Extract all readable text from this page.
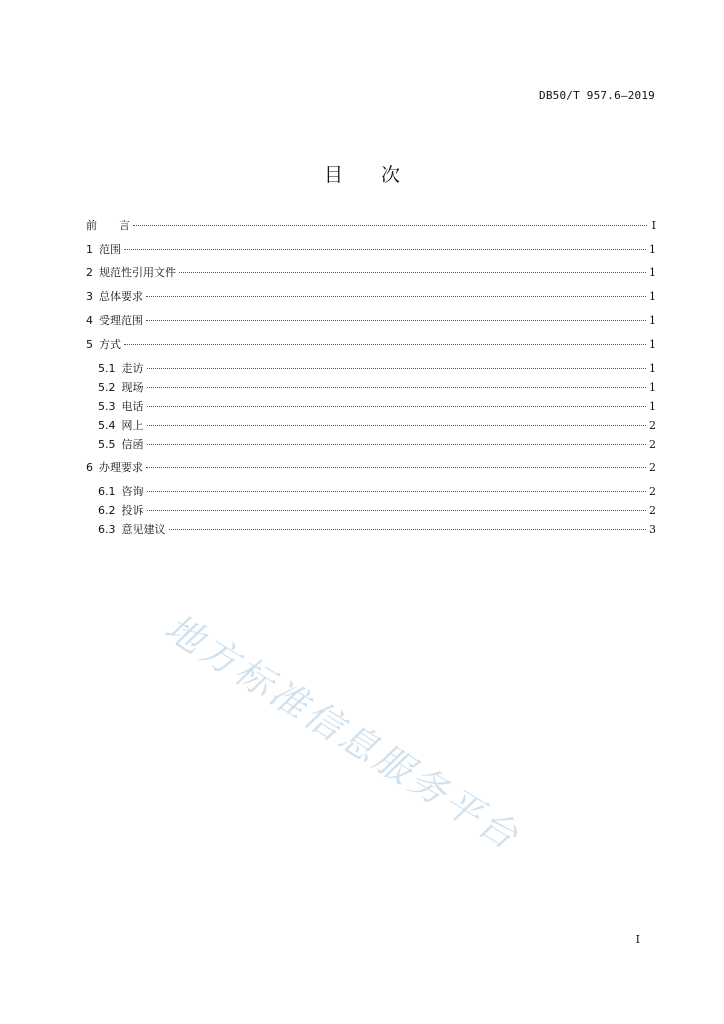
DB50/T 957.6—2019
目次
前　　言	I
1 范围	1
2 规范性引用文件	1
3 总体要求	1
4 受理范围	1
5 方式	1
5.1 走访	1
5.2 现场	1
5.3 电话	1
5.4 网上	2
5.5 信函	2
6 办理要求	2
6.1 咨询	2
6.2 投诉	2
6.3 意见建议	3
地方标准信息服务平台
I
